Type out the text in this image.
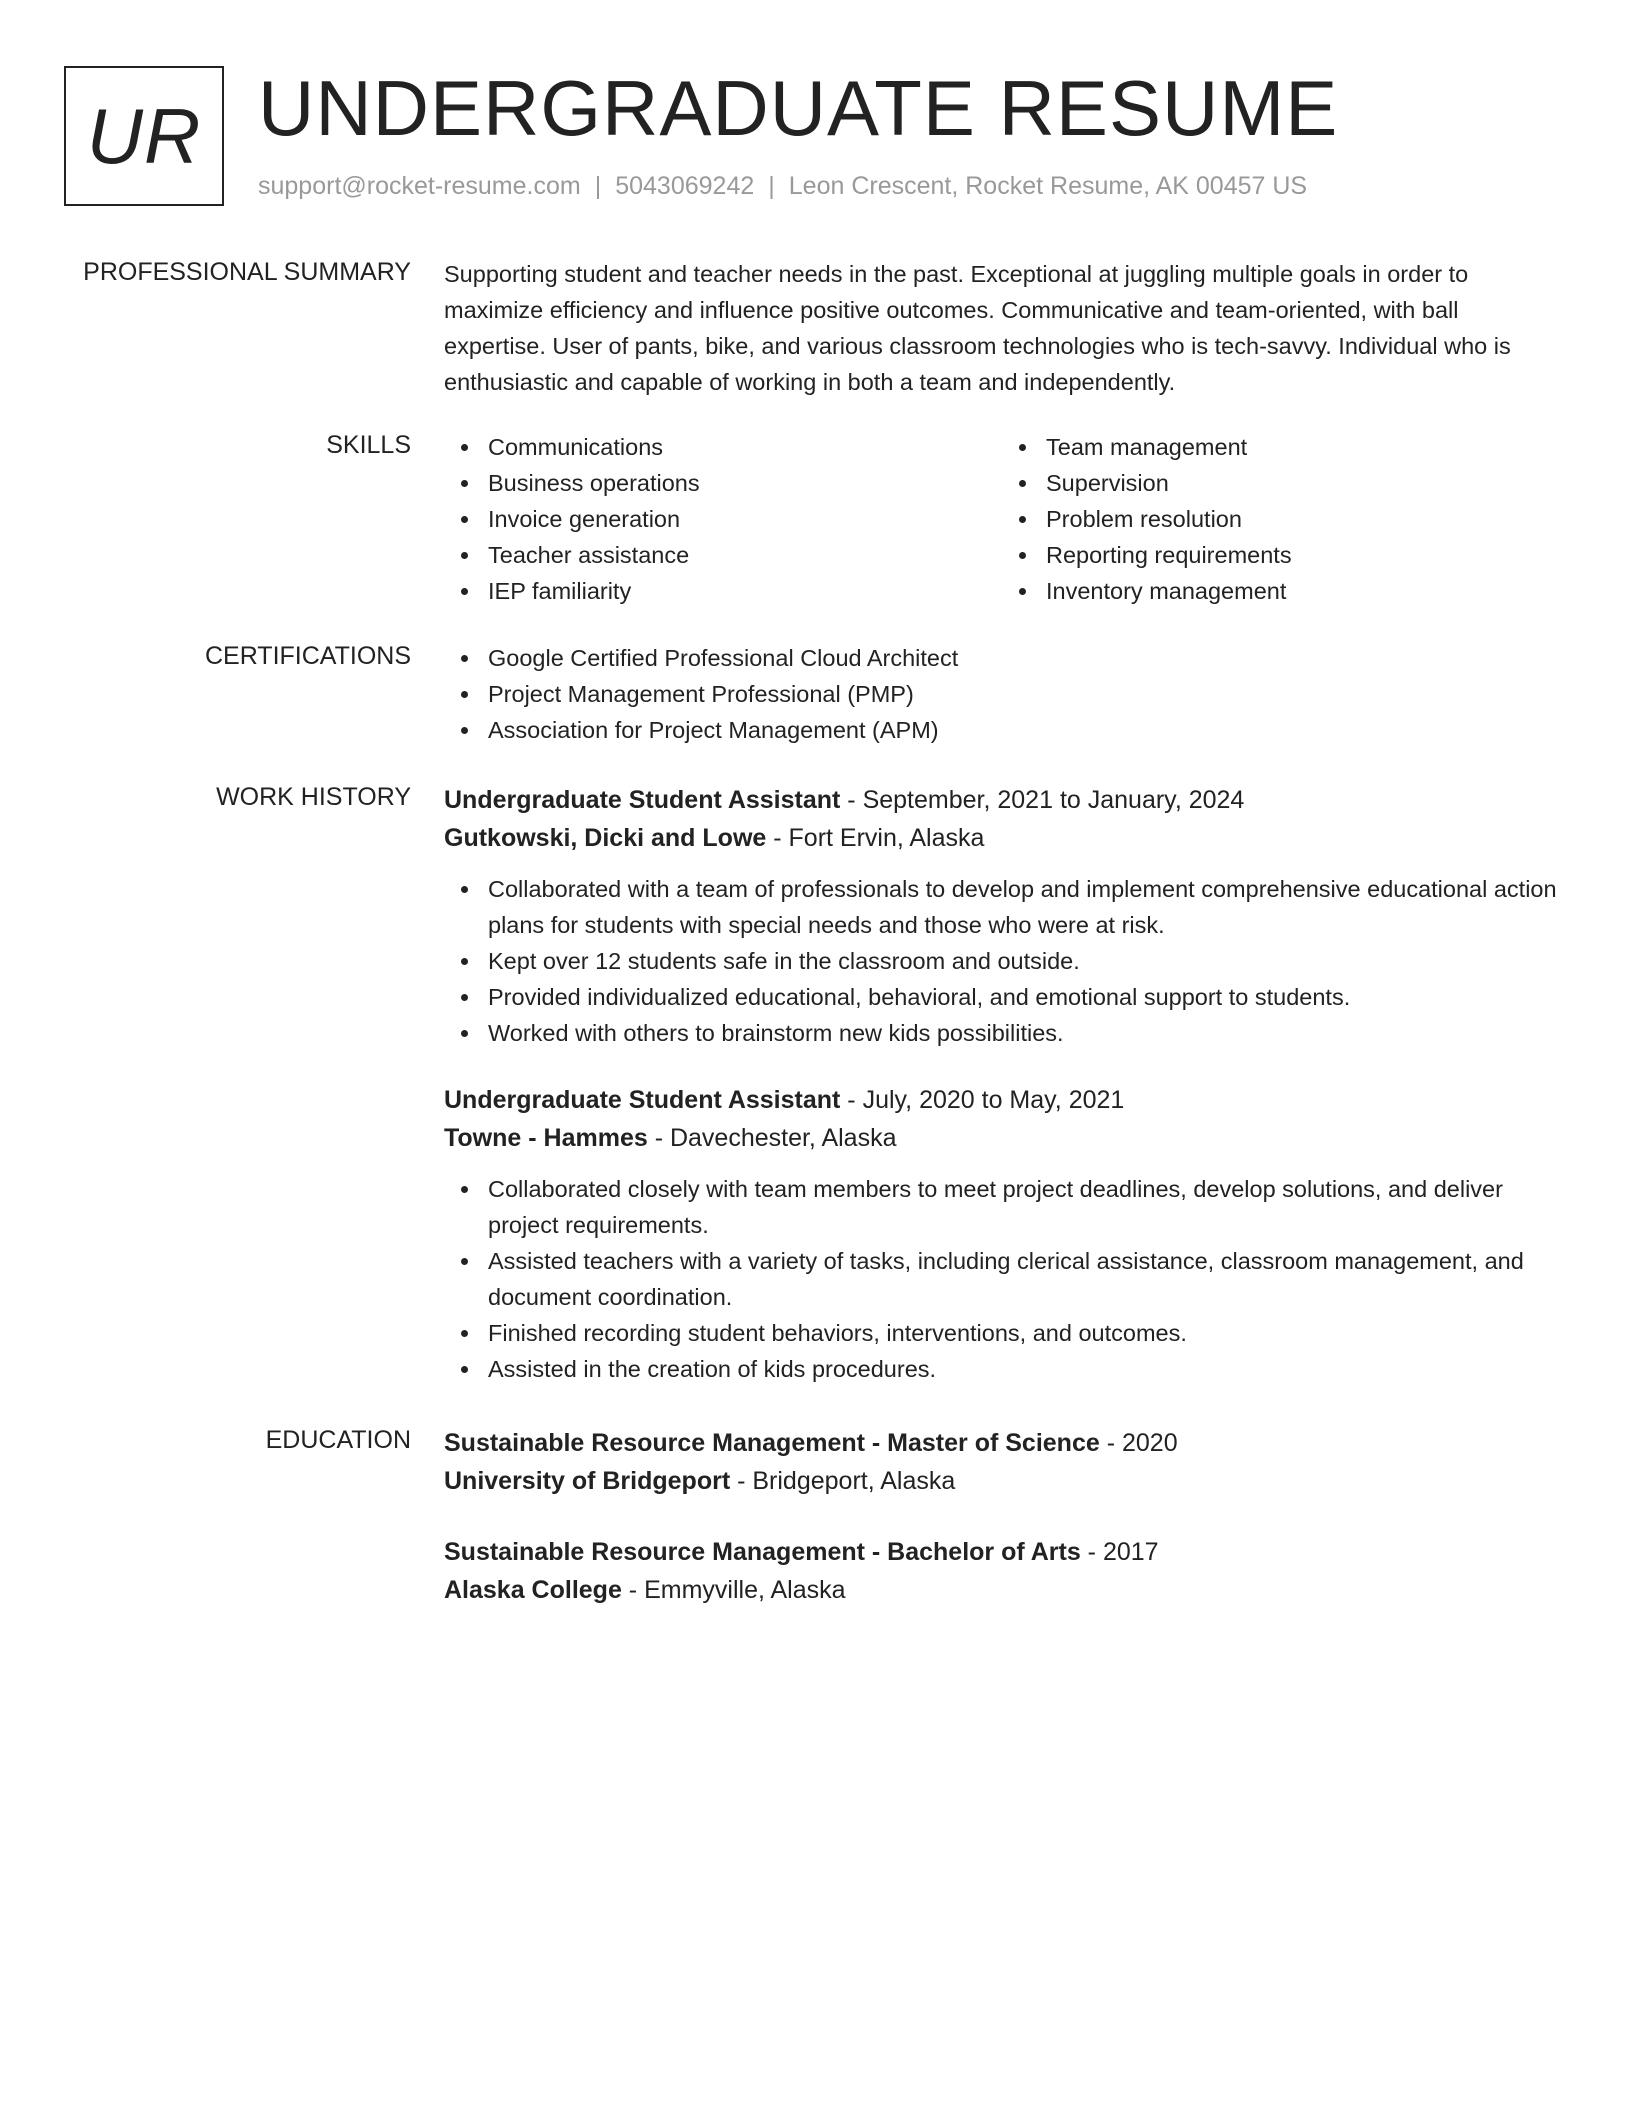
UR UNDERGRADUATE RESUME
support@rocket-resume.com | 5043069242 | Leon Crescent, Rocket Resume, AK 00457 US
PROFESSIONAL SUMMARY Supporting student and teacher needs in the past. Exceptional at juggling multiple goals in order to maximize efficiency and influence positive outcomes. Communicative and team-oriented, with ball expertise. User of pants, bike, and various classroom technologies who is tech-savvy. Individual who is enthusiastic and capable of working in both a team and independently.

SKILLS	Communications
Business operations
Invoice generation
Teacher assistance
IEP familiarity
Team management
Supervision
Problem resolution
Reporting requirements
Inventory management
CERTIFICATIONS	Google Certified Professional Cloud Architect
Project Management Professional (PMP)
Association for Project Management (APM)
WORK HISTORY Undergraduate Student Assistant - September, 2021 to January, 2024
Gutkowski, Dicki and Lowe - Fort Ervin, Alaska
Collaborated with a team of professionals to develop and implement comprehensive educational action plans for students with special needs and those who were at risk.
Kept over 12 students safe in the classroom and outside.
Provided individualized educational, behavioral, and emotional support to students.
Worked with others to brainstorm new kids possibilities.
Undergraduate Student Assistant - July, 2020 to May, 2021
Towne - Hammes - Davechester, Alaska
Collaborated closely with team members to meet project deadlines, develop solutions, and deliver project requirements.
Assisted teachers with a variety of tasks, including clerical assistance, classroom management, and document coordination.
Finished recording student behaviors, interventions, and outcomes.
Assisted in the creation of kids procedures.
EDUCATION Sustainable Resource Management - Master of Science - 2020
University of Bridgeport - Bridgeport, Alaska
Sustainable Resource Management - Bachelor of Arts - 2017
Alaska College - Emmyville, Alaska
